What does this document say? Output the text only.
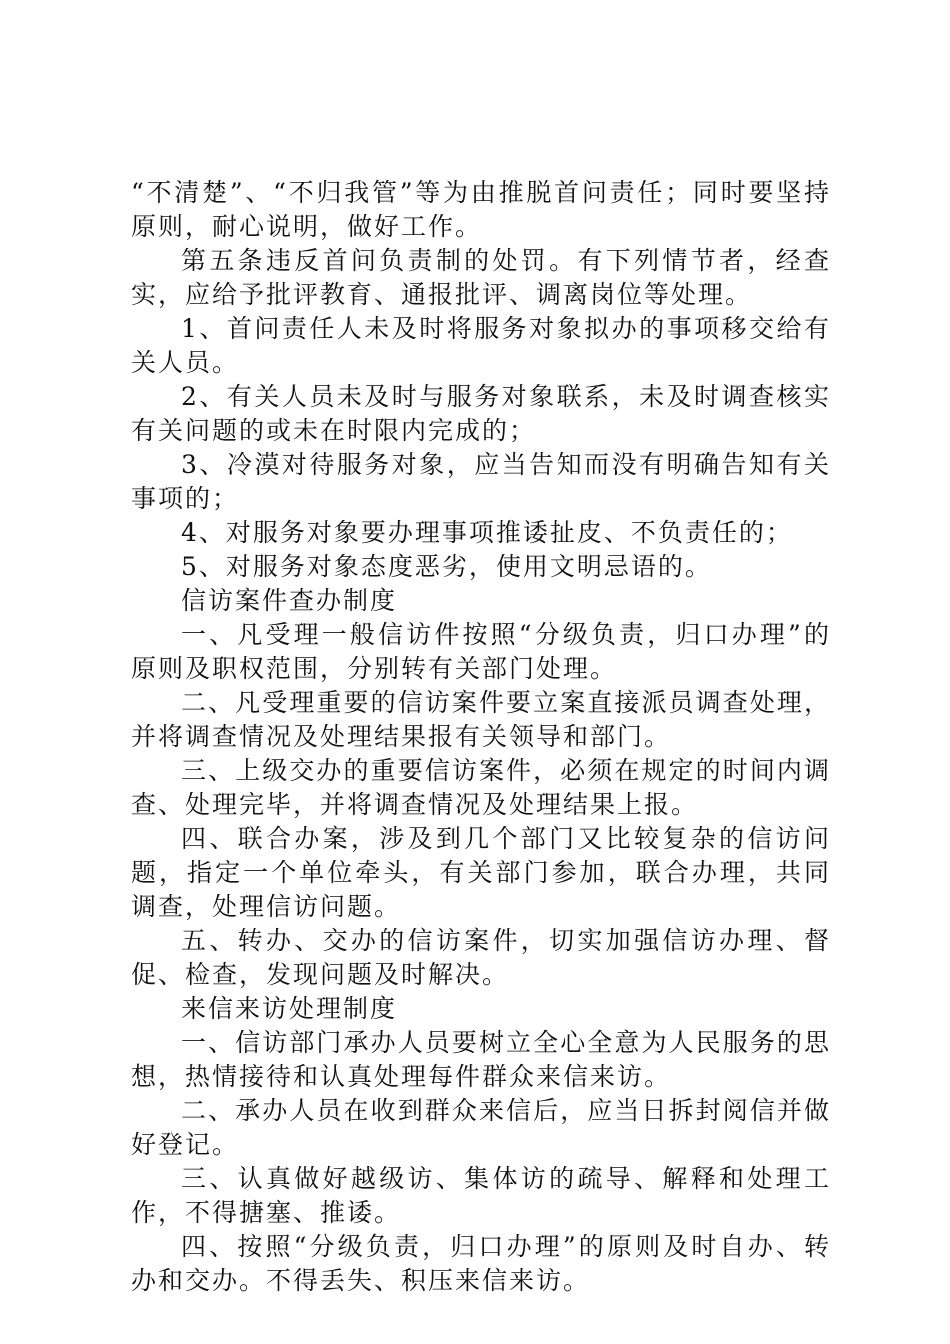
“不清楚”、“不归我管”等为由推脱首问责任；同时要坚持原则，耐心说明，做好工作。

第五条违反首问负责制的处罚。有下列情节者，经查实，应给予批评教育、通报批评、调离岗位等处理。

1、首问责任人未及时将服务对象拟办的事项移交给有关人员。

2、有关人员未及时与服务对象联系，未及时调查核实有关问题的或未在时限内完成的；

3、冷漠对待服务对象，应当告知而没有明确告知有关事项的；

4、对服务对象要办理事项推诿扯皮、不负责任的；

5、对服务对象态度恶劣，使用文明忌语的。

信访案件查办制度

一、凡受理一般信访件按照“分级负责，归口办理”的原则及职权范围，分别转有关部门处理。

二、凡受理重要的信访案件要立案直接派员调查处理，并将调查情况及处理结果报有关领导和部门。

三、上级交办的重要信访案件，必须在规定的时间内调查、处理完毕，并将调查情况及处理结果上报。

四、联合办案，涉及到几个部门又比较复杂的信访问题，指定一个单位牵头，有关部门参加，联合办理，共同调查，处理信访问题。

五、转办、交办的信访案件，切实加强信访办理、督促、检查，发现问题及时解决。

来信来访处理制度

一、信访部门承办人员要树立全心全意为人民服务的思想，热情接待和认真处理每件群众来信来访。

二、承办人员在收到群众来信后，应当日拆封阅信并做好登记。

三、认真做好越级访、集体访的疏导、解释和处理工作，不得搪塞、推诿。

四、按照“分级负责，归口办理”的原则及时自办、转办和交办。不得丢失、积压来信来访。
